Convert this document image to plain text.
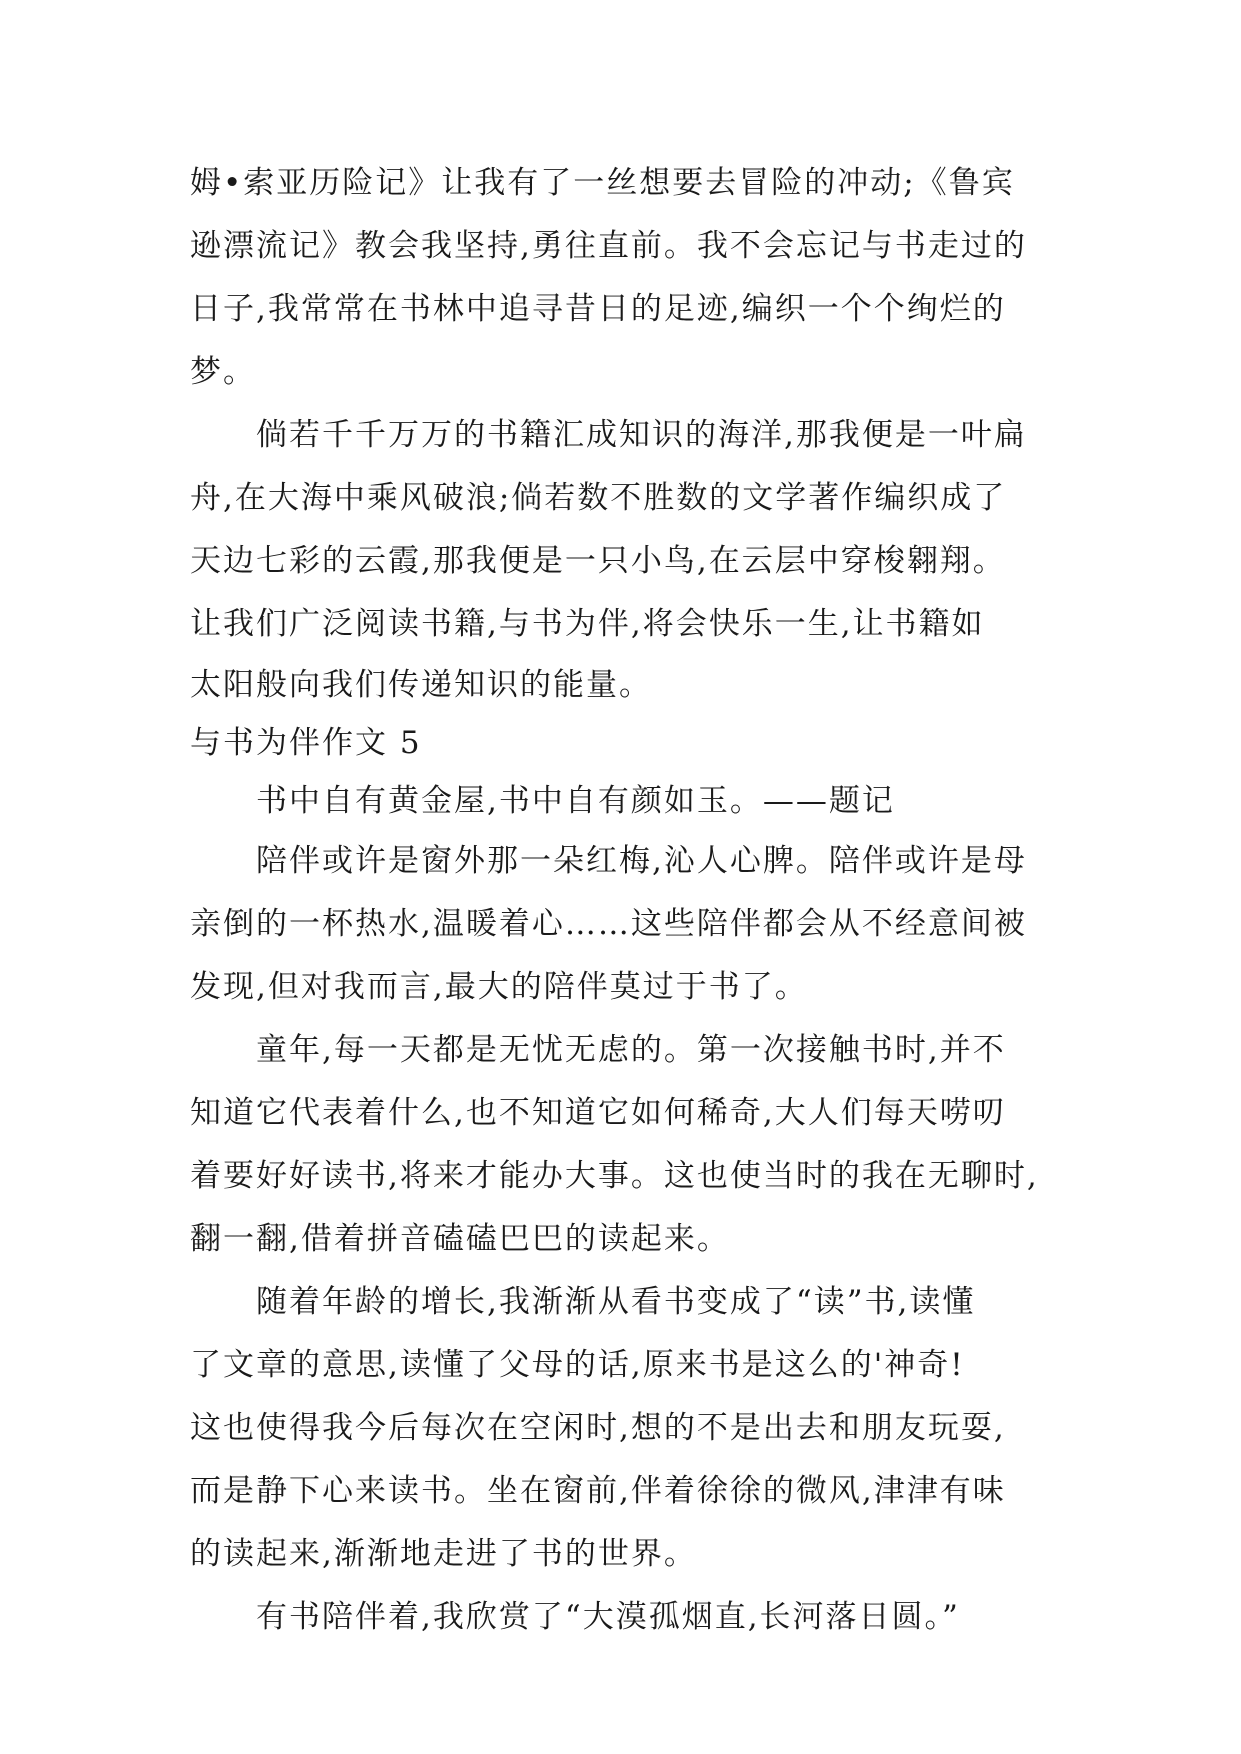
姆•索亚历险记》让我有了一丝想要去冒险的冲动;《鲁宾
逊漂流记》教会我坚持,勇往直前。我不会忘记与书走过的
日子,我常常在书林中追寻昔日的足迹,编织一个个绚烂的
梦。
倘若千千万万的书籍汇成知识的海洋,那我便是一叶扁
舟,在大海中乘风破浪;倘若数不胜数的文学著作编织成了
天边七彩的云霞,那我便是一只小鸟,在云层中穿梭翱翔。
让我们广泛阅读书籍,与书为伴,将会快乐一生,让书籍如
太阳般向我们传递知识的能量。
与书为伴作文 5
书中自有黄金屋,书中自有颜如玉。——题记
陪伴或许是窗外那一朵红梅,沁人心脾。陪伴或许是母
亲倒的一杯热水,温暖着心……这些陪伴都会从不经意间被
发现,但对我而言,最大的陪伴莫过于书了。
童年,每一天都是无忧无虑的。第一次接触书时,并不
知道它代表着什么,也不知道它如何稀奇,大人们每天唠叨
着要好好读书,将来才能办大事。这也使当时的我在无聊时,
翻一翻,借着拼音磕磕巴巴的读起来。
随着年龄的增长,我渐渐从看书变成了“读”书,读懂
了文章的意思,读懂了父母的话,原来书是这么的'神奇!
这也使得我今后每次在空闲时,想的不是出去和朋友玩耍,
而是静下心来读书。坐在窗前,伴着徐徐的微风,津津有味
的读起来,渐渐地走进了书的世界。
有书陪伴着,我欣赏了“大漠孤烟直,长河落日圆。”
